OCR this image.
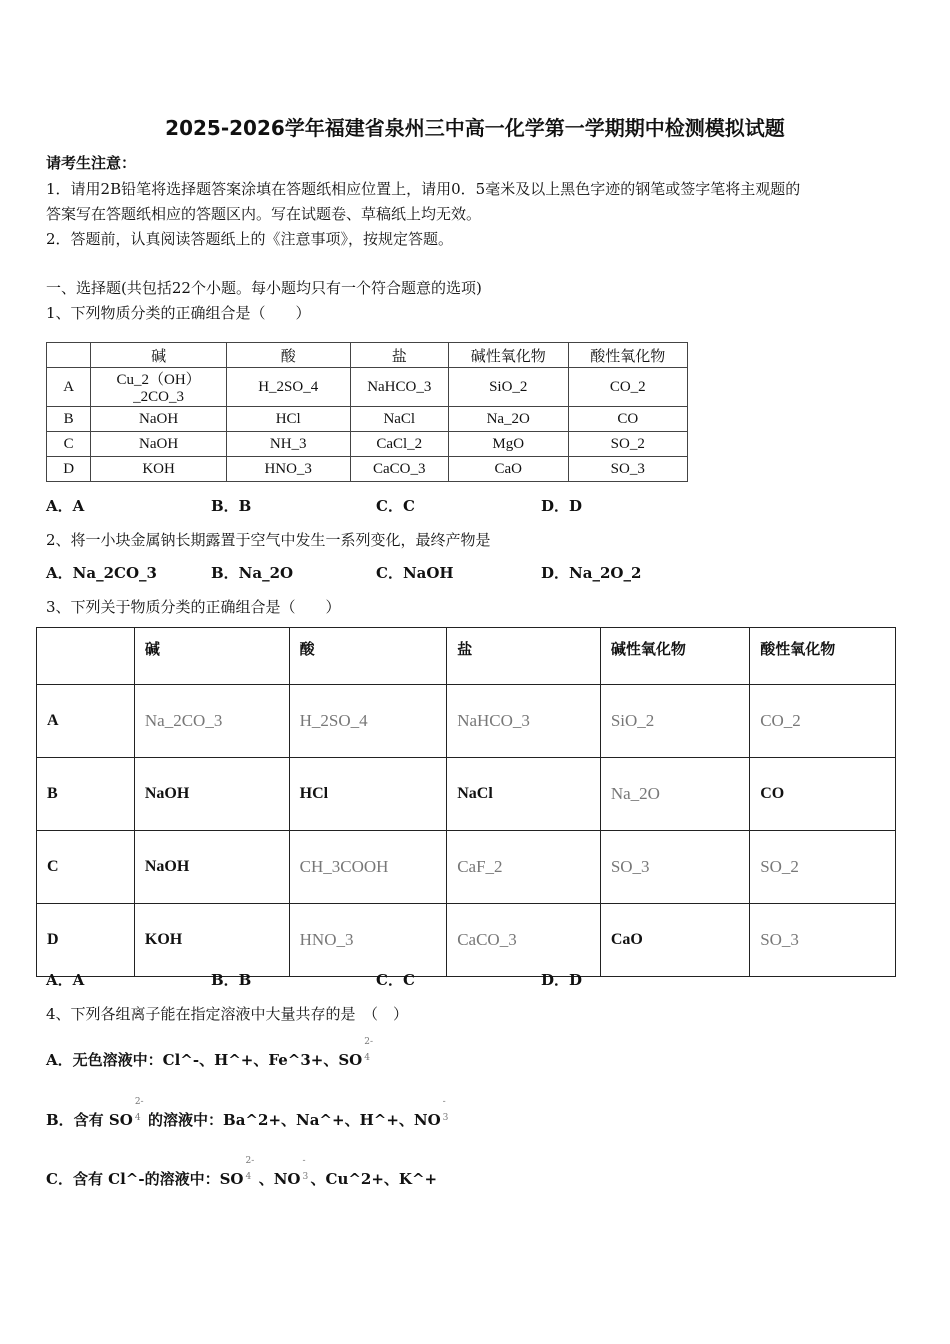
2025-2026学年福建省泉州三中高一化学第一学期期中检测模拟试题
请考生注意：
1．请用2B铅笔将选择题答案涂填在答题纸相应位置上，请用0．5毫米及以上黑色字迹的钢笔或签字笔将主观题的
答案写在答题纸相应的答题区内。写在试题卷、草稿纸上均无效。
2．答题前，认真阅读答题纸上的《注意事项》，按规定答题。
一、选择题(共包括22个小题。每小题均只有一个符合题意的选项)
1、下列物质分类的正确组合是（　　）
	碱	酸	盐	碱性氧化物	酸性氧化物
A	Cu_2（OH）_2CO_3	H_2SO_4	NaHCO_3	SiO_2	CO_2
B	NaOH	HCl	NaCl	Na_2O	CO
C	NaOH	NH_3	CaCl_2	MgO	SO_2
D	KOH	HNO_3	CaCO_3	CaO	SO_3
A．A	B．B	C．C	D．D
2、将一小块金属钠长期露置于空气中发生一系列变化，最终产物是
A．Na_2CO_3	B．Na_2O	C．NaOH	D．Na_2O_2
3、下列关于物质分类的正确组合是（　　）
	碱	酸	盐	碱性氧化物	酸性氧化物
A	Na_2CO_3	H_2SO_4	NaHCO_3	SiO_2	CO_2
B	NaOH	HCl	NaCl	Na_2O	CO
C	NaOH	CH_3COOH	CaF_2	SO_3	SO_2
D	KOH	HNO_3	CaCO_3	CaO	SO_3
A．A	B．B	C．C	D．D
4、下列各组离子能在指定溶液中大量共存的是　（　）
A．无色溶液中：Cl^-、H^+、Fe^3+、SO
2-
4
B．含有 SO
2-
4 的溶液中：Ba^2+、Na^+、H^+、NO
-
3
C．含有 Cl^-的溶液中：SO
2-
4 、NO
-
3 、Cu^2+、K^+
